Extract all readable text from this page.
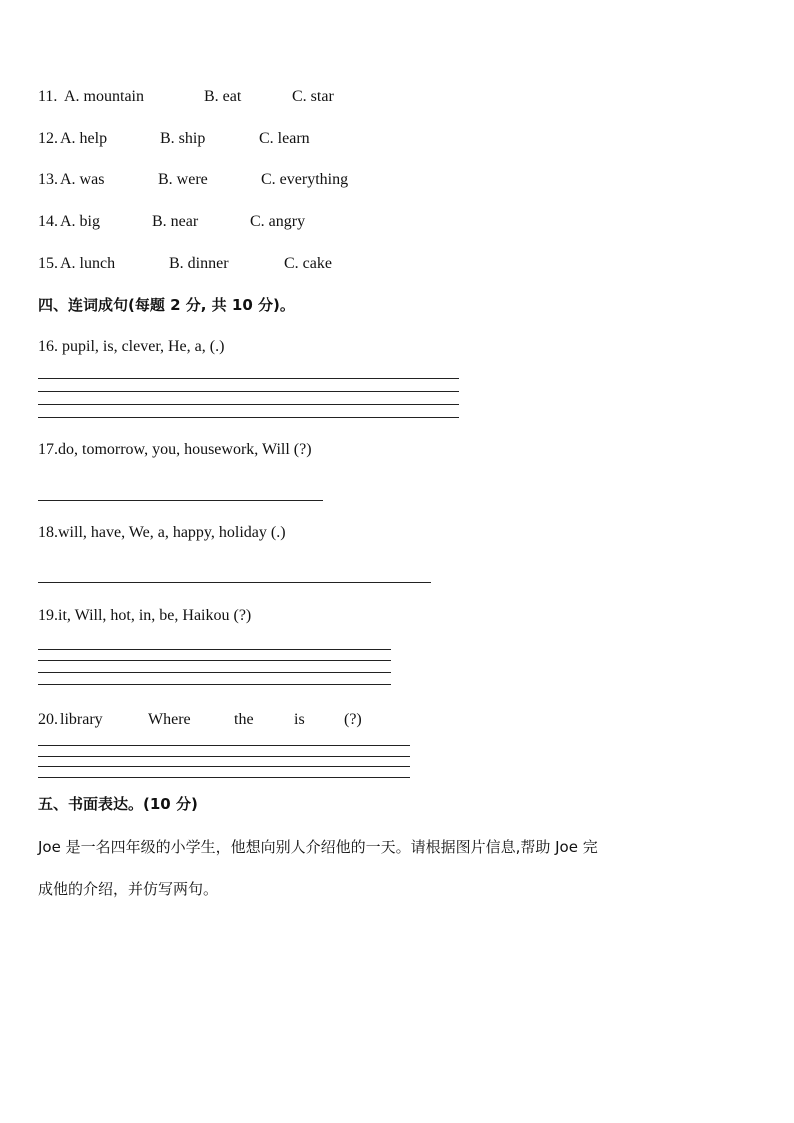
11. A. mountain	B. eat	C. star
12. A. help	B. ship	C. learn
13. A. was	B. were	C. everything
14. A. big	B. near	C. angry
15. A. lunch	B. dinner	C. cake
四、连词成句(每题 2 分, 共 10 分)。
16. pupil, is, clever, He, a, (.)
17.do, tomorrow, you, housework, Will (?)
18.will, have, We, a, happy, holiday (.)
19.it, Will, hot, in, be, Haikou (?)
20. library	Where	the	is (?)
五、书面表达。(10 分)
Joe 是一名四年级的小学生，他想向别人介绍他的一天。请根据图片信息,帮助 Joe 完
成他的介绍，并仿写两句。
